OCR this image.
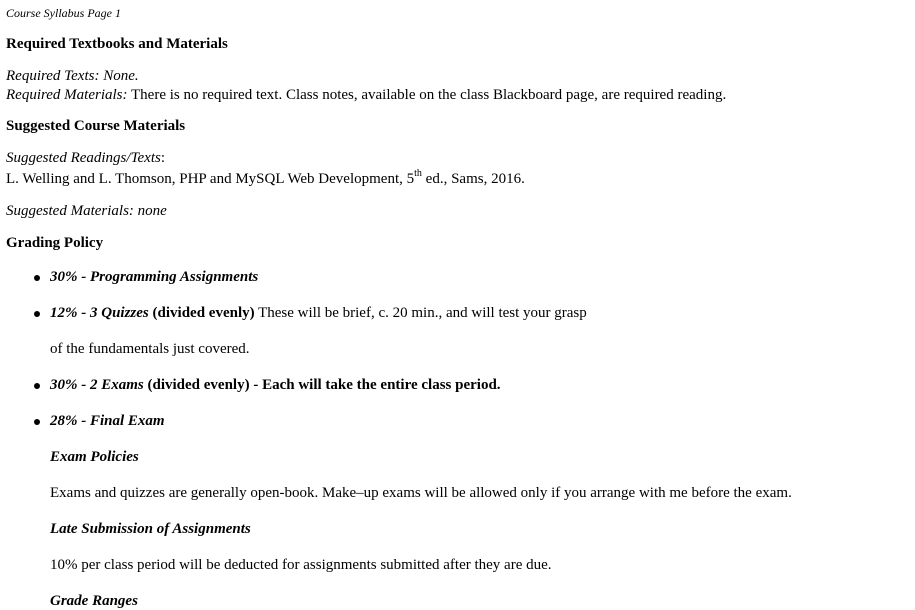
Course Syllabus Page 1
Required Textbooks and Materials
Required Texts: None.
Required Materials: There is no required text. Class notes, available on the class Blackboard page, are required reading.
Suggested Course Materials
Suggested Readings/Texts:
L. Welling and L. Thomson, PHP and MySQL Web Development, 5th ed., Sams, 2016.
Suggested Materials: none
Grading Policy
30% - Programming Assignments
12% - 3 Quizzes (divided evenly) These will be brief, c. 20 min., and will test your grasp
of the fundamentals just covered.
30% - 2 Exams (divided evenly) - Each will take the entire class period.
28% - Final Exam
Exam Policies
Exams and quizzes are generally open-book. Make–up exams will be allowed only if you arrange with me before the exam.
Late Submission of Assignments
10% per class period will be deducted for assignments submitted after they are due.
Grade Ranges
